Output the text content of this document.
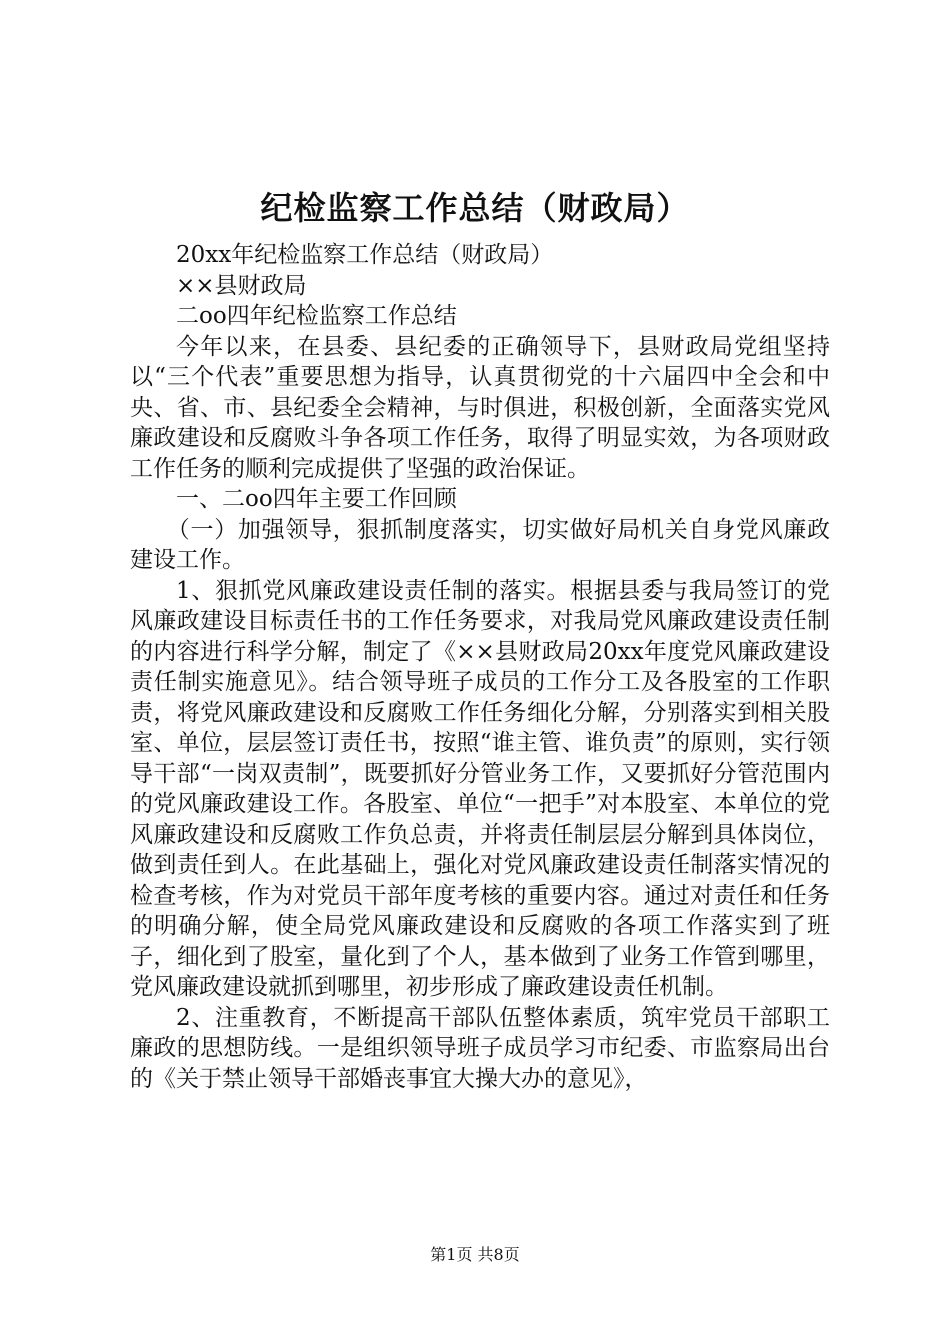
纪检监察工作总结（财政局）

20xx年纪检监察工作总结（财政局）

××县财政局

二oo四年纪检监察工作总结

今年以来，在县委、县纪委的正确领导下，县财政局党组坚持以“三个代表”重要思想为指导，认真贯彻党的十六届四中全会和中央、省、市、县纪委全会精神，与时俱进，积极创新，全面落实党风廉政建设和反腐败斗争各项工作任务，取得了明显实效，为各项财政工作任务的顺利完成提供了坚强的政治保证。

一、二oo四年主要工作回顾

（一）加强领导，狠抓制度落实，切实做好局机关自身党风廉政建设工作。

1、狠抓党风廉政建设责任制的落实。根据县委与我局签订的党风廉政建设目标责任书的工作任务要求，对我局党风廉政建设责任制的内容进行科学分解，制定了《××县财政局20xx年度党风廉政建设责任制实施意见》。结合领导班子成员的工作分工及各股室的工作职责，将党风廉政建设和反腐败工作任务细化分解，分别落实到相关股室、单位，层层签订责任书，按照“谁主管、谁负责”的原则，实行领导干部“一岗双责制”，既要抓好分管业务工作，又要抓好分管范围内的党风廉政建设工作。各股室、单位“一把手”对本股室、本单位的党风廉政建设和反腐败工作负总责，并将责任制层层分解到具体岗位，做到责任到人。在此基础上，强化对党风廉政建设责任制落实情况的检查考核，作为对党员干部年度考核的重要内容。通过对责任和任务的明确分解，使全局党风廉政建设和反腐败的各项工作落实到了班子，细化到了股室，量化到了个人，基本做到了业务工作管到哪里，党风廉政建设就抓到哪里，初步形成了廉政建设责任机制。

2、注重教育，不断提高干部队伍整体素质，筑牢党员干部职工廉政的思想防线。一是组织领导班子成员学习市纪委、市监察局出台的《关于禁止领导干部婚丧事宜大操大办的意见》，

第1页 共8页
